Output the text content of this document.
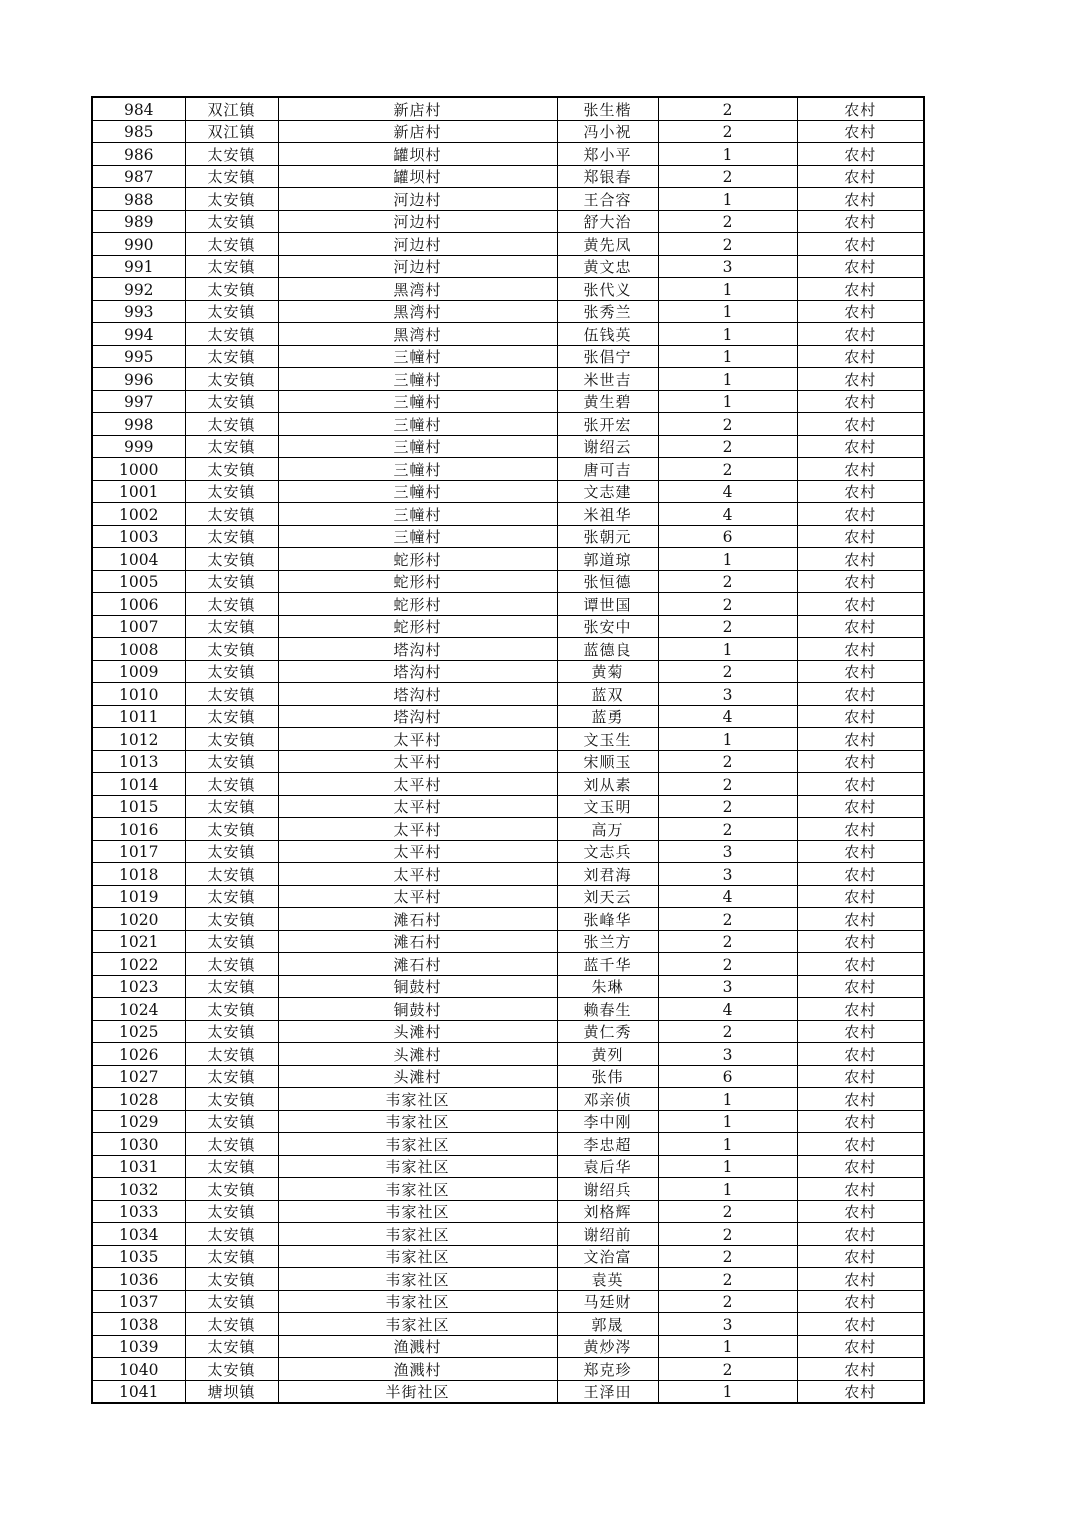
984	双江镇	新店村	张生楷	2	农村
985	双江镇	新店村	冯小祝	2	农村
986	太安镇	罐坝村	郑小平	1	农村
987	太安镇	罐坝村	郑银春	2	农村
988	太安镇	河边村	王合容	1	农村
989	太安镇	河边村	舒大治	2	农村
990	太安镇	河边村	黄先凤	2	农村
991	太安镇	河边村	黄文忠	3	农村
992	太安镇	黑湾村	张代义	1	农村
993	太安镇	黑湾村	张秀兰	1	农村
994	太安镇	黑湾村	伍钱英	1	农村
995	太安镇	三幢村	张倡宁	1	农村
996	太安镇	三幢村	米世吉	1	农村
997	太安镇	三幢村	黄生碧	1	农村
998	太安镇	三幢村	张开宏	2	农村
999	太安镇	三幢村	谢绍云	2	农村
1000	太安镇	三幢村	唐可吉	2	农村
1001	太安镇	三幢村	文志建	4	农村
1002	太安镇	三幢村	米祖华	4	农村
1003	太安镇	三幢村	张朝元	6	农村
1004	太安镇	蛇形村	郭道琼	1	农村
1005	太安镇	蛇形村	张恒德	2	农村
1006	太安镇	蛇形村	谭世国	2	农村
1007	太安镇	蛇形村	张安中	2	农村
1008	太安镇	塔沟村	蓝德良	1	农村
1009	太安镇	塔沟村	黄菊	2	农村
1010	太安镇	塔沟村	蓝双	3	农村
1011	太安镇	塔沟村	蓝勇	4	农村
1012	太安镇	太平村	文玉生	1	农村
1013	太安镇	太平村	宋顺玉	2	农村
1014	太安镇	太平村	刘从素	2	农村
1015	太安镇	太平村	文玉明	2	农村
1016	太安镇	太平村	高万	2	农村
1017	太安镇	太平村	文志兵	3	农村
1018	太安镇	太平村	刘君海	3	农村
1019	太安镇	太平村	刘天云	4	农村
1020	太安镇	滩石村	张峰华	2	农村
1021	太安镇	滩石村	张兰方	2	农村
1022	太安镇	滩石村	蓝千华	2	农村
1023	太安镇	铜鼓村	朱琳	3	农村
1024	太安镇	铜鼓村	赖春生	4	农村
1025	太安镇	头滩村	黄仁秀	2	农村
1026	太安镇	头滩村	黄列	3	农村
1027	太安镇	头滩村	张伟	6	农村
1028	太安镇	韦家社区	邓亲侦	1	农村
1029	太安镇	韦家社区	李中刚	1	农村
1030	太安镇	韦家社区	李忠超	1	农村
1031	太安镇	韦家社区	袁后华	1	农村
1032	太安镇	韦家社区	谢绍兵	1	农村
1033	太安镇	韦家社区	刘格辉	2	农村
1034	太安镇	韦家社区	谢绍前	2	农村
1035	太安镇	韦家社区	文治富	2	农村
1036	太安镇	韦家社区	袁英	2	农村
1037	太安镇	韦家社区	马廷财	2	农村
1038	太安镇	韦家社区	郭晟	3	农村
1039	太安镇	渔溅村	黄炒涔	1	农村
1040	太安镇	渔溅村	郑克珍	2	农村
1041	塘坝镇	半街社区	王泽田	1	农村
